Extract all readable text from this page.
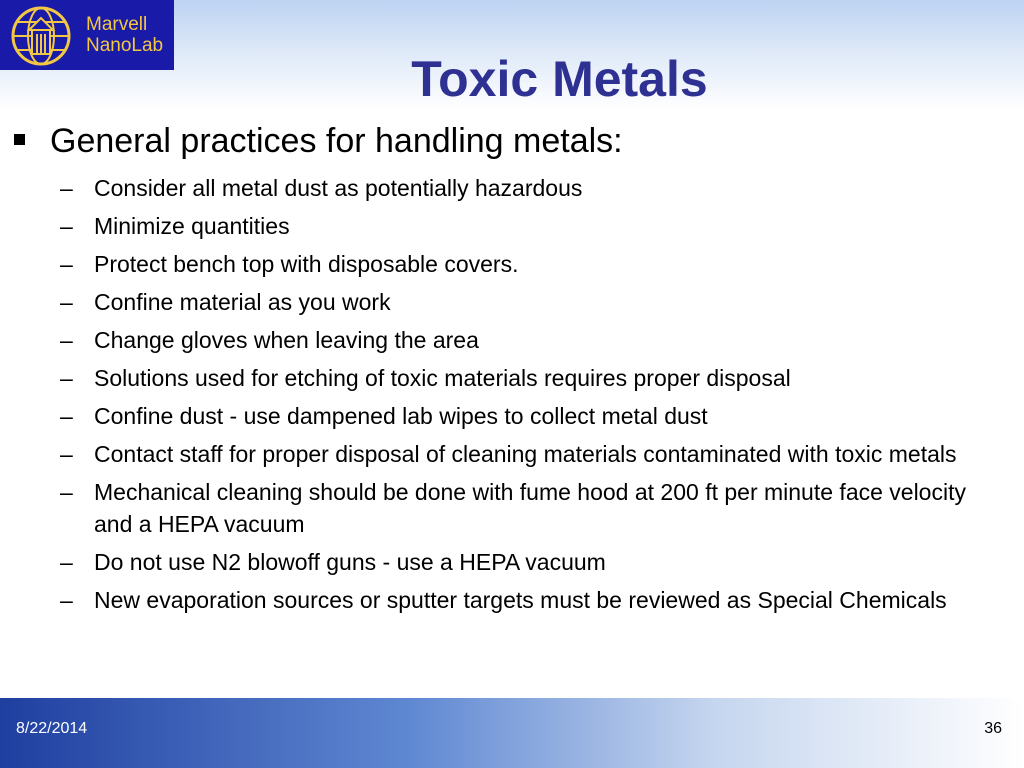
Marvell
NanoLab
Toxic Metals
General practices for handling metals:
– Consider all metal dust as potentially hazardous
– Minimize quantities
– Protect bench top with disposable covers.
– Confine material as you work
– Change gloves when leaving the area
– Solutions used for etching of toxic materials requires proper disposal
– Confine dust - use dampened lab wipes to collect metal dust
– Contact staff for proper disposal of cleaning materials contaminated with toxic metals
– Mechanical cleaning should be done with fume hood at 200 ft per minute face velocity and a HEPA vacuum
– Do not use N2 blowoff guns - use a HEPA vacuum
– New evaporation sources or sputter targets must be reviewed as Special Chemicals
8/22/2014	36
